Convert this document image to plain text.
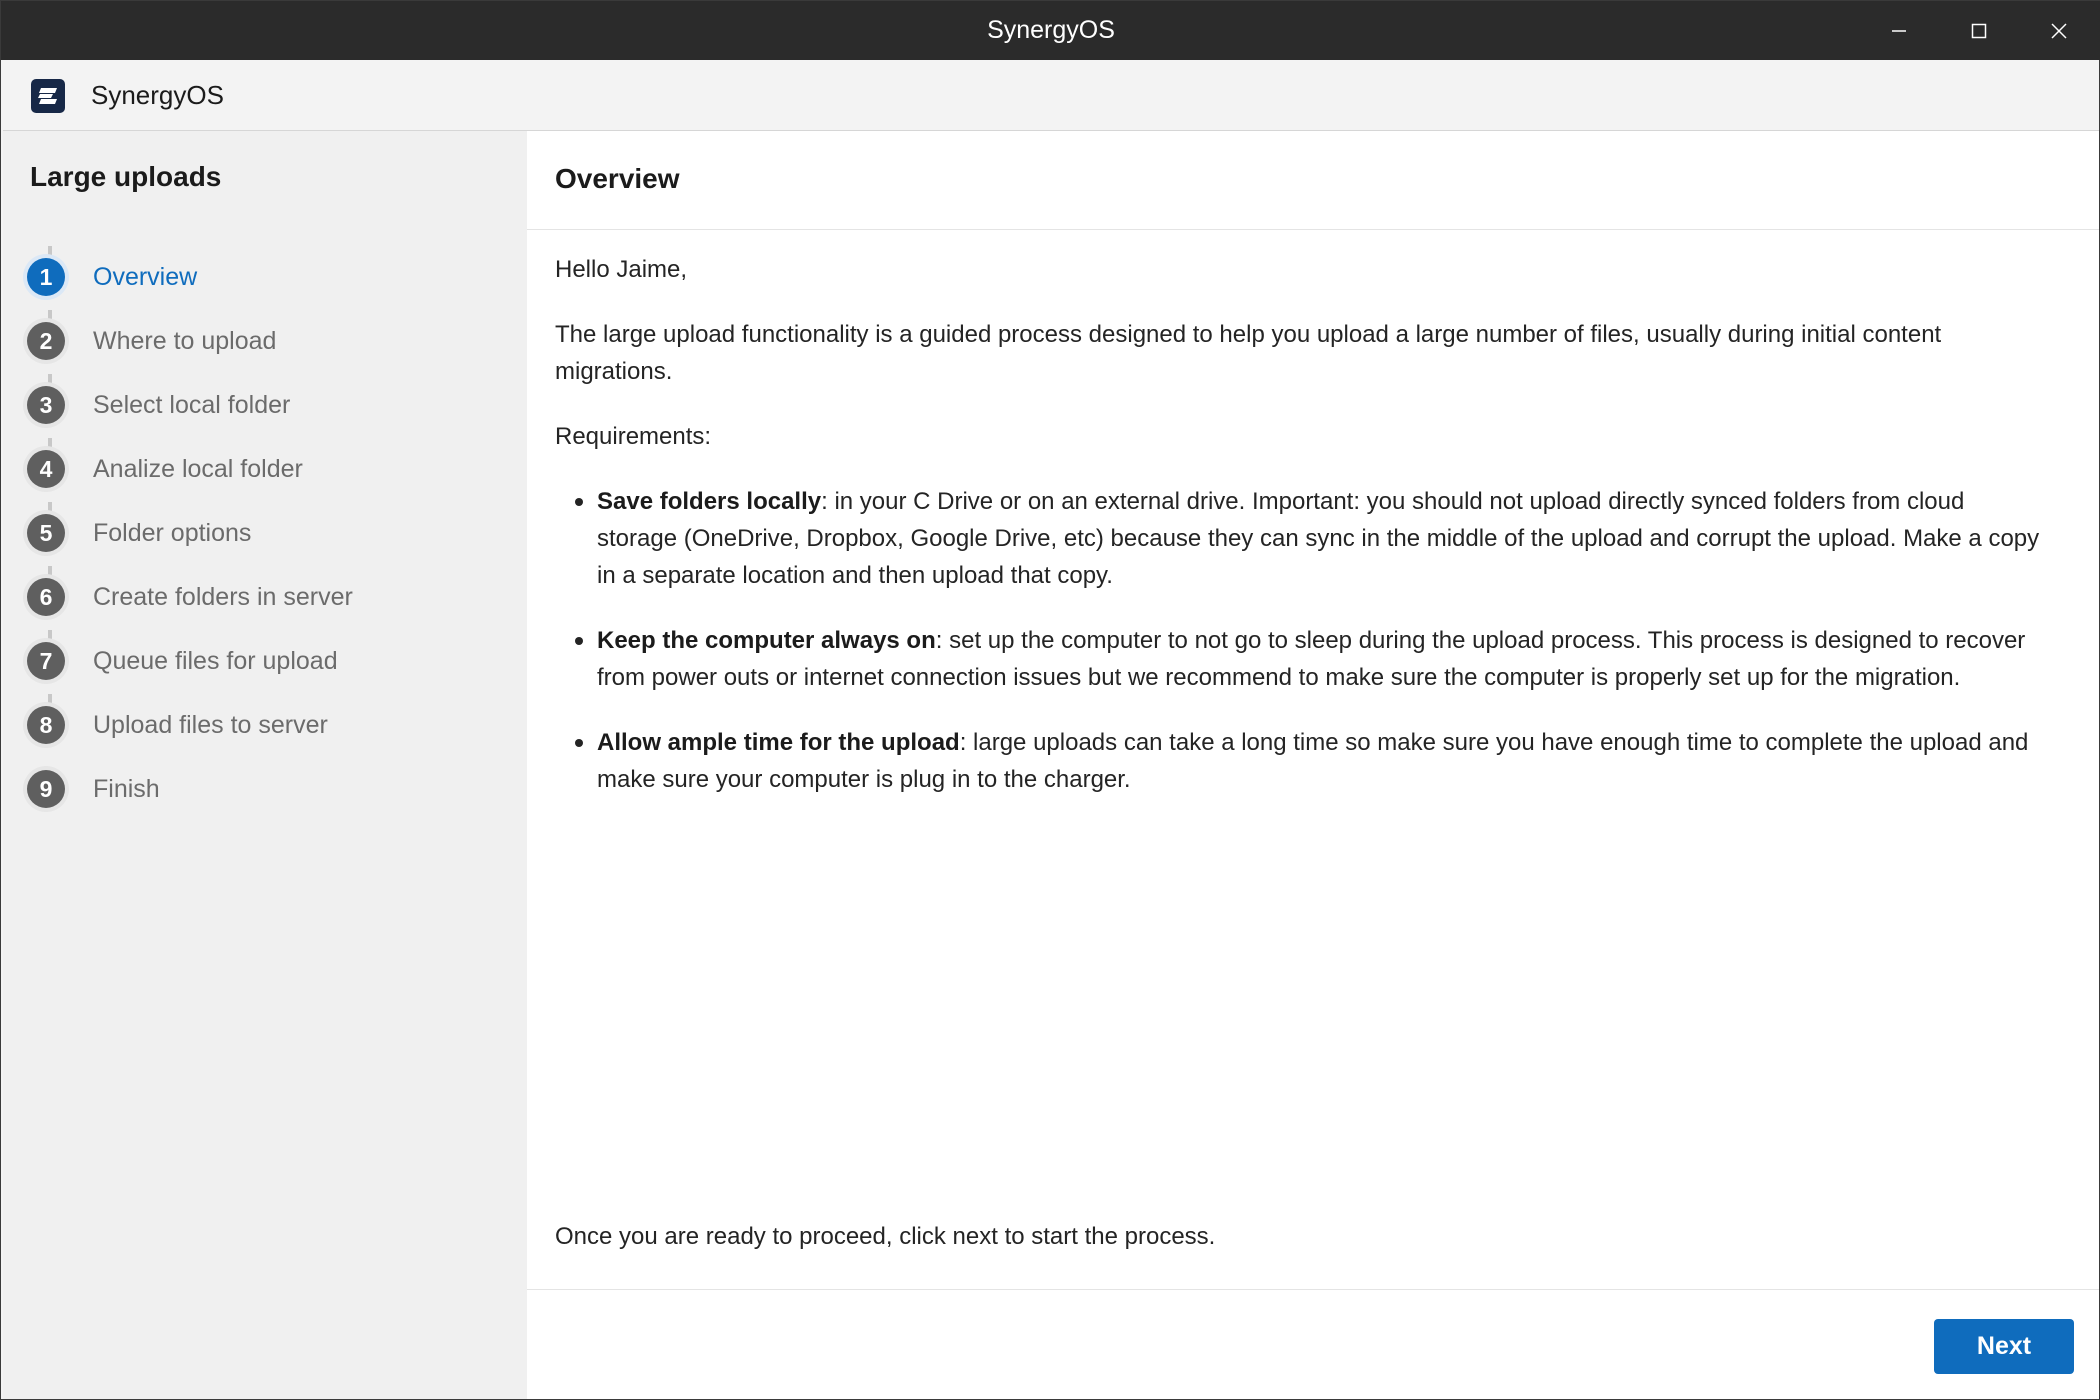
SynergyOS
SynergyOS
Large uploads
1	Overview
2	Where to upload
3	Select local folder
4	Analize local folder
5	Folder options
6	Create folders in server
7	Queue files for upload
8	Upload files to server
9	Finish
Overview

Hello Jaime,

The large upload functionality is a guided process designed to help you upload a large number of files, usually during initial content migrations.

Requirements:

Save folders locally: in your C Drive or on an external drive. Important: you should not upload directly synced folders from cloud storage (OneDrive, Dropbox, Google Drive, etc) because they can sync in the middle of the upload and corrupt the upload. Make a copy in a separate location and then upload that copy.
Keep the computer always on: set up the computer to not go to sleep during the upload process. This process is designed to recover from power outs or internet connection issues but we recommend to make sure the computer is properly set up for the migration.
Allow ample time for the upload: large uploads can take a long time so make sure you have enough time to complete the upload and make sure your computer is plug in to the charger.
Once you are ready to proceed, click next to start the process.
Next
